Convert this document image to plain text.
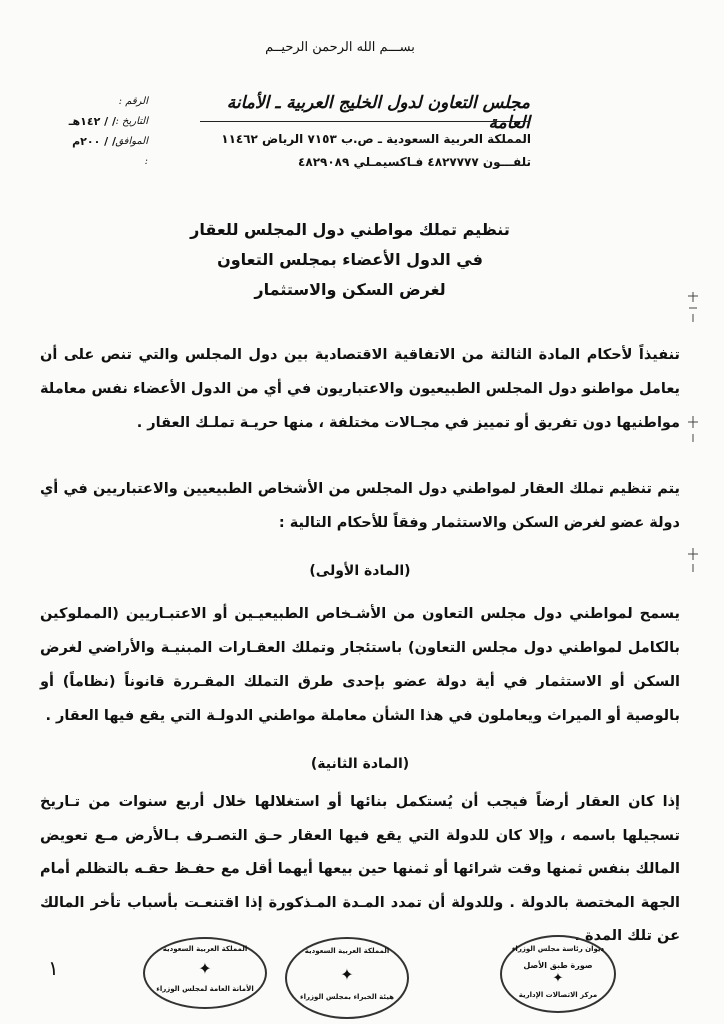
بســـم الله الرحمن الرحيــم
مجلس التعاون لدول الخليج العربية ـ الأمانة العامة
المملكة العربية السعودية ـ ص.ب ٧١٥٣ الرياض ١١٤٦٢
تلفـــون ٤٨٢٧٧٧٧ فـاكسيمـلي ٤٨٢٩٠٨٩
الرقم :
التاريخ :
الموافق :

/ / ١٤٢هـ
/ / ٢٠٠م
تنظيم تملك مواطني دول المجلس للعقار
في الدول الأعضاء بمجلس التعاون
لغرض السكن والاستثمار
تنفيذاً لأحكام المادة الثالثة من الاتفاقية الاقتصادية بين دول المجلس والتي تنص على أن يعامل مواطنو دول المجلس الطبيعيون والاعتباريون في أي من الدول الأعضاء نفس معاملة مواطنيها دون تفريق أو تمييز في مجـالات مختلفة ، منها حريـة تملـك العقار .
يتم تنظيم تملك العقار لمواطني دول المجلس من الأشخاص الطبيعيين والاعتباريين في أي دولة عضو لغرض السكن والاستثمار وفقاً للأحكام التالية :
(المادة الأولى)
يسمح لمواطني دول مجلس التعاون من الأشـخاص الطبيعيـين أو الاعتبـاريين (المملوكين بالكامل لمواطني دول مجلس التعاون) باستئجار وتملك العقـارات المبنيـة والأراضي لغرض السكن أو الاستثمار في أية دولة عضو بإحدى طرق التملك المقـررة قانوناً (نظاماً) أو بالوصية أو الميراث ويعاملون في هذا الشأن معاملة مواطني الدولـة التي يقع فيها العقار .
(المادة الثانية)
إذا كان العقار أرضاً فيجب أن يُستكمل بنائها أو استغلالها خلال أربع سنوات من تـاريخ تسجيلها باسمه ، وإلا كان للدولة التي يقع فيها العقار حـق التصـرف بـالأرض مـع تعويض المالك بنفس ثمنها وقت شرائها أو ثمنها حين بيعها أيهما أقل مع حفـظ حقـه بالتظلم أمام الجهة المختصة بالدولة . وللدولة أن تمدد المـدة المـذكورة إذا اقتنعـت بأسباب تأخر المالك عن تلك المدة .
١
المملكة العربية السعودية
✦
الأمانة العامة لمجلس الوزراء
المملكة العربية السعودية
✦
هيئة الخبراء بمجلس الوزراء
ديوان رئاسة مجلس الوزراء
صورة طبق الأصل
✦
مركز الاتصالات الإدارية
